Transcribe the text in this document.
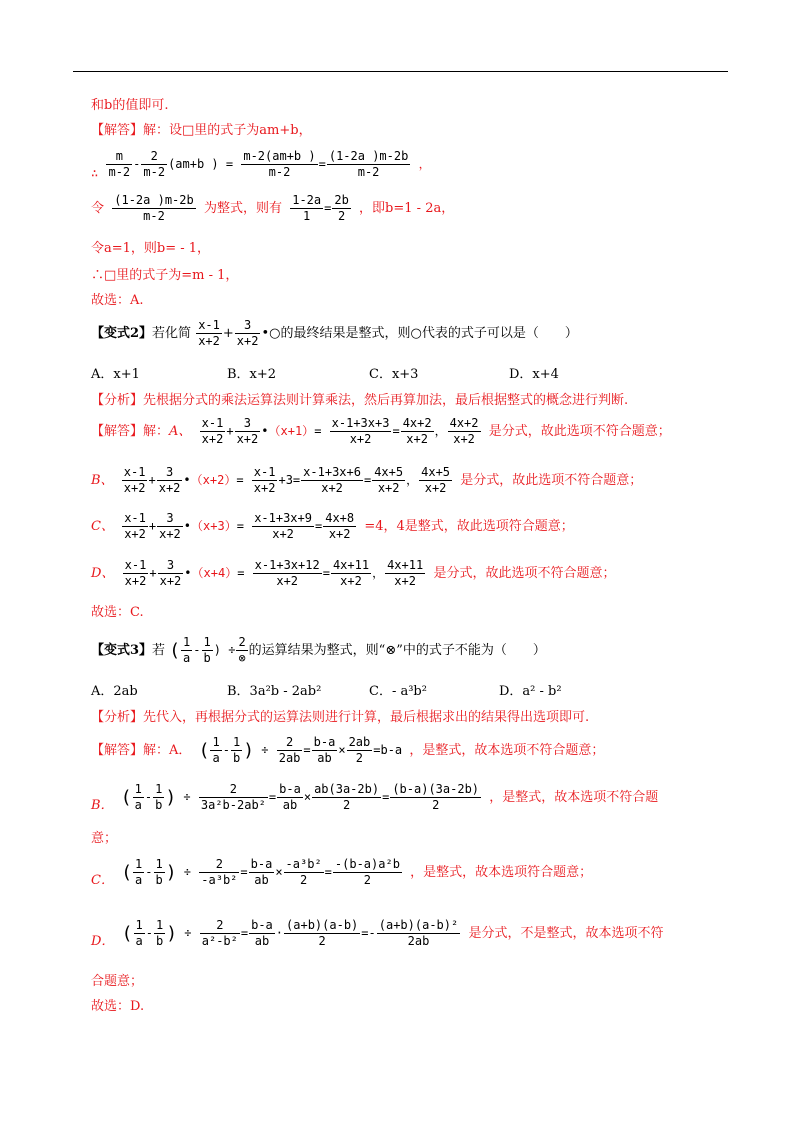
和b的值即可.
【解答】解：设□里的式子为am+b，
∴ $\frac{m}{m-2} - \frac{2}{m-2} (am+b$ ) = $\frac{m-2(am+b )}{m-2} = \frac{(1-2a )m-2b}{m-2}$ ，
令 $\frac{(1-2a )m-2b}{m-2}$ 为整式，则有 $\frac{1-2a}{1} = \frac{2b}{2}$ ，即b=1 - 2a，
令a=1，则b= - 1，
∴□里的式子为=m - 1，
故选：A.
【变式2】若化简 $\frac{x-1}{x+2} + \frac{3}{x+2}$ •○的最终结果是整式，则○代表的式子可以是（　　）
A．x+1	B．x+2	C．x+3	D．x+4
【分析】先根据分式的乘法运算法则计算乘法，然后再算加法，最后根据整式的概念进行判断.
【解答】解：A、 $\frac{x-1}{x+2} + \frac{3}{x+2}$ •（x+1）= $\frac{x-1+3x+3}{x+2} = \frac{4x+2}{x+2}$ ， $\frac{4x+2}{x+2}$ 是分式，故此选项不符合题意；
B、 $\frac{x-1}{x+2} + \frac{3}{x+2}$ •（x+2）= $\frac{x-1}{x+2} +3= \frac{x-1+3x+6}{x+2} = \frac{4x+5}{x+2}$ ， $\frac{4x+5}{x+2}$ 是分式，故此选项不符合题意；
C、 $\frac{x-1}{x+2} + \frac{3}{x+2}$ •（x+3）= $\frac{x-1+3x+9}{x+2} = \frac{4x+8}{x+2} =4$，4是整式，故此选项符合题意；
D、 $\frac{x-1}{x+2} + \frac{3}{x+2}$ •（x+4）= $\frac{x-1+3x+12}{x+2} = \frac{4x+11}{x+2}$ ， $\frac{4x+11}{x+2}$ 是分式，故此选项不符合题意；
故选：C.
【变式3】若 ( $\frac{1}{a} - \frac{1}{b}$ ) ÷ $\frac{2}{\otimes}$ 的运算结果为整式，则“⊗”中的式子不能为（　　）
A．2ab	B．3a²b - 2ab²	C．- a³b²	D．a² - b²
【分析】先代入，再根据分式的运算法则进行计算，最后根据求出的结果得出选项即可.
【解答】解：A． ( $\frac{1}{a} - \frac{1}{b}$ ) ÷ $\frac{2}{2ab} = \frac{b-a}{ab} \times \frac{2ab}{2} =b-a$ ，是整式，故本选项不符合题意；
B． ( $\frac{1}{a} - \frac{1}{b}$ ) ÷ $\frac{2}{\text{3a²b-2ab²}} = \frac{b-a}{ab} \times \frac{ab(3a-2b)}{2} = \frac{(b-a)(3a-2b)}{2}$ ，是整式，故本选项不符合题
意；
C． ( $\frac{1}{a} - \frac{1}{b}$ ) ÷ $\frac{2}{\text{-a³b²}} = \frac{b-a}{ab} \times \frac{\text{-a³b²}}{2} = \frac{\text{-(b-a)a²b}}{2}$ ，是整式，故本选项符合题意；
D． ( $\frac{1}{a} - \frac{1}{b}$ ) ÷ $\frac{2}{\text{a²-b²}} = \frac{b-a}{ab} \cdot \frac{(a+b)(a-b)}{2} =- \frac{\text{(a+b)(a-b)²}}{2ab}$ 是分式，不是整式，故本选项不符
合题意；
故选：D.
